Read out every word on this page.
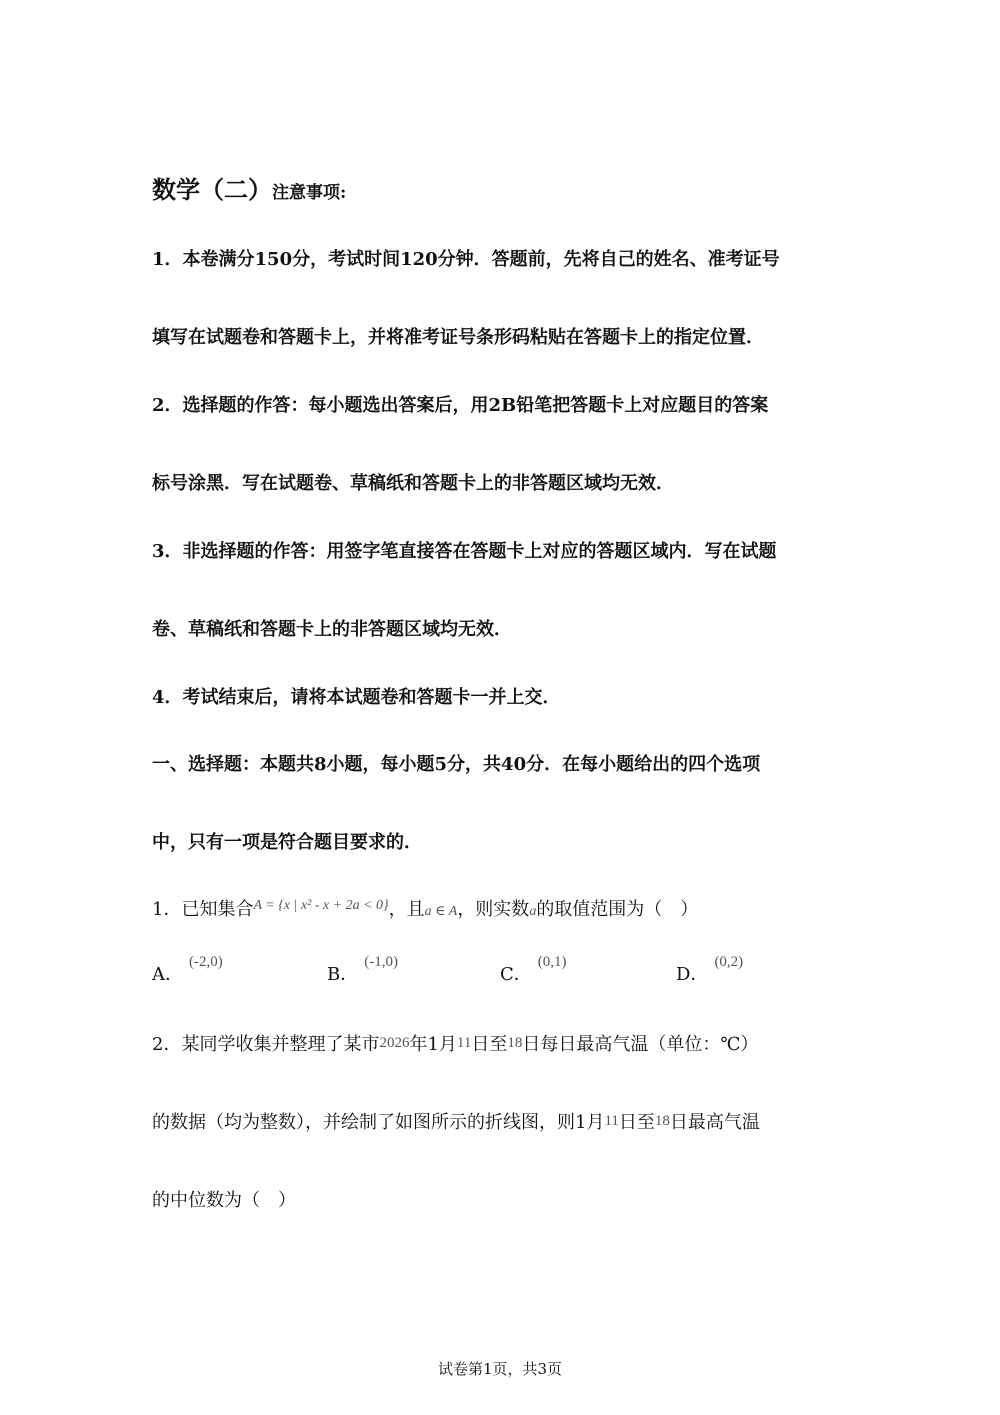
数学（二）注意事项:
1．本卷满分150分，考试时间120分钟．答题前，先将自己的姓名、准考证号
填写在试题卷和答题卡上，并将准考证号条形码粘贴在答题卡上的指定位置．
2．选择题的作答：每小题选出答案后，用2B铅笔把答题卡上对应题目的答案
标号涂黑．写在试题卷、草稿纸和答题卡上的非答题区域均无效．
3．非选择题的作答：用签字笔直接答在答题卡上对应的答题区域内．写在试题
卷、草稿纸和答题卡上的非答题区域均无效．
4．考试结束后，请将本试题卷和答题卡一并上交．
一、选择题：本题共8小题，每小题5分，共40分．在每小题给出的四个选项
中，只有一项是符合题目要求的．
1．已知集合$^{A = \{x | x^2 - x + 2a < 0\}}$，且a ∈ A，则实数a的取值范围为（　）
A．$^{(-2,0)}$
B．$^{(-1,0)}$
C．$^{(0,1)}$
D．$^{(0,2)}$
2．某同学收集并整理了某市2026年1月11日至18日每日最高气温（单位：℃）
的数据（均为整数），并绘制了如图所示的折线图，则1月11日至18日最高气温
的中位数为（　）
试卷第1页，共3页
